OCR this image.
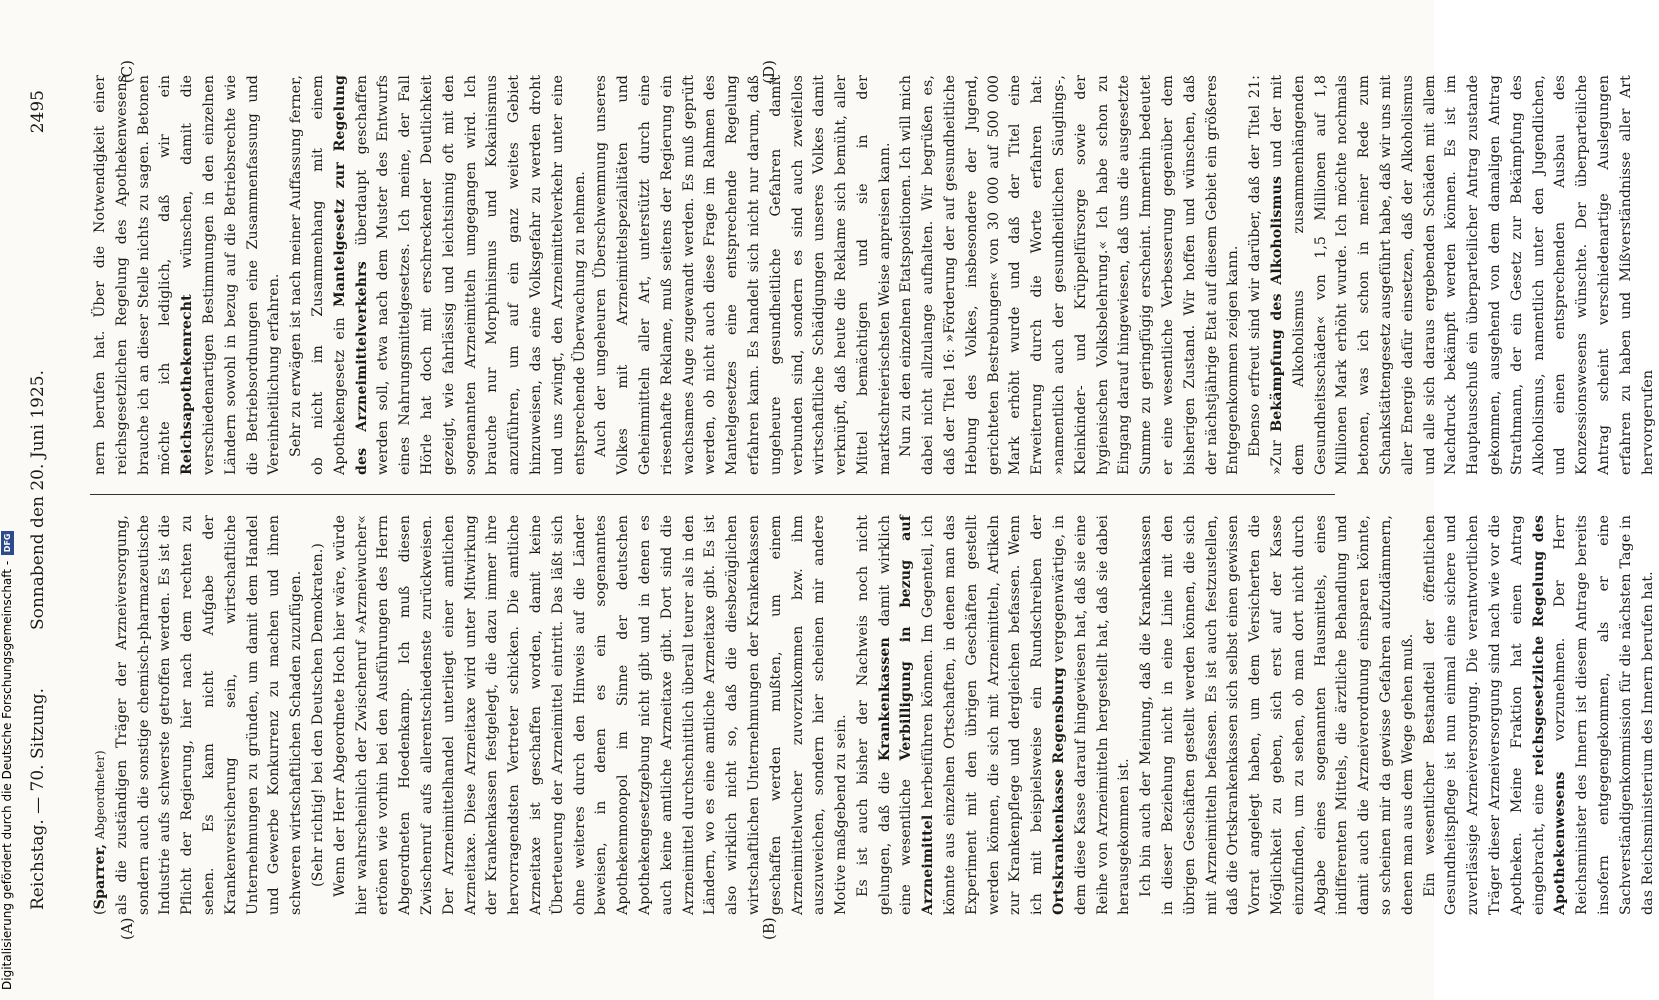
Reichstag. — 70. Sitzung.
Sonnabend den 20. Juni 1925.
2495
(A)	(B)
(C)	(D)

(Sparrer, Abgeordneter) als die zuständigen Träger der Arzneiversorgung, sondern auch die sonstige chemisch-pharmazeutische Industrie aufs schwerste getroffen werden. Es ist die Pflicht der Regierung, hier nach dem rechten zu sehen. Es kann nicht Aufgabe der Krankenversicherung sein, wirtschaftliche Unternehmungen zu gründen, um damit dem Handel und Gewerbe Konkurrenz zu machen und ihnen schweren wirtschaftlichen Schaden zuzufügen. (Sehr richtig! bei den Deutschen Demokraten.) Wenn der Herr Abgeordnete Hoch hier wäre, würde hier wahrscheinlich der Zwischenruf »Arzneiwucher« ertönen wie vorhin bei den Ausführungen des Herrn Abgeordneten Hoedenkamp. Ich muß diesen Zwischenruf aufs allerentschiedenste zurückweisen. Der Arzneimittelhandel unterliegt einer amtlichen Arzneitaxe. Diese Arzneitaxe wird unter Mitwirkung der Krankenkassen festgelegt, die dazu immer ihre hervorragendsten Vertreter schicken. Die amtliche Arzneitaxe ist geschaffen worden, damit keine Überteuerung der Arzneimittel eintritt. Das läßt sich ohne weiteres durch den Hinweis auf die Länder beweisen, in denen es ein sogenanntes Apothekenmonopol im Sinne der deutschen Apothekengesetzgebung nicht gibt und in denen es auch keine amtliche Arzneitaxe gibt. Dort sind die Arzneimittel durchschnittlich überall teurer als in den Ländern, wo es eine amtliche Arzneitaxe gibt. Es ist also wirklich nicht so, daß die diesbezüglichen wirtschaftlichen Unternehmungen der Krankenkassen geschaffen werden mußten, um einem Arzneimittelwucher zuvorzukommen bzw. ihm auszuweichen, sondern hier scheinen mir andere Motive maßgebend zu sein. Es ist auch bisher der Nachweis noch nicht gelungen, daß die Krankenkassen damit wirklich eine wesentliche Verbilligung in bezug auf Arzneimittel herbeiführen können. Im Gegenteil, ich könnte aus einzelnen Ortschaften, in denen man das Experiment mit den übrigen Geschäften gestellt werden können, die sich mit Arzneimitteln, Artikeln zur Krankenpflege und dergleichen befassen. Wenn ich mit beispielsweise ein Rundschreiben der Ortskrankenkasse Regensburg vergegenwärtige, in dem diese Kasse darauf hingewiesen hat, daß sie eine Reihe von Arzneimitteln hergestellt hat, daß sie dabei herausgekommen ist. Ich bin auch der Meinung, daß die Krankenkassen in dieser Beziehung nicht in eine Linie mit den übrigen Geschäften gestellt werden können, die sich mit Arzneimitteln befassen. Es ist auch festzustellen, daß die Ortskrankenkassen sich selbst einen gewissen Vorrat angelegt haben, um dem Versicherten die Möglichkeit zu geben, sich erst auf der Kasse einzufinden, um zu sehen, ob man dort nicht durch Abgabe eines sogenannten Hausmittels, eines indifferenten Mittels, die ärztliche Behandlung und damit auch die Arzneiverordnung einsparen könnte, so scheinen mir da gewisse Gefahren aufzudämmern, denen man aus dem Wege gehen muß. Ein wesentlicher Bestandteil der öffentlichen Gesundheitspflege ist nun einmal eine sichere und zuverlässige Arzneiversorgung. Die verantwortlichen Träger dieser Arzneiversorgung sind nach wie vor die Apotheken. Meine Fraktion hat einen Antrag eingebracht, eine reichsgesetzliche Regelung des Apothekenwesens vorzunehmen. Der Herr Reichsminister des Innern ist diesem Antrage bereits insofern entgegengekommen, als er eine Sachverständigenkommission für die nächsten Tage in das Reichsministerium des Innern berufen hat.

nern berufen hat. Über die Notwendigkeit einer reichsgesetzlichen Regelung des Apothekenwesens brauche ich an dieser Stelle nichts zu sagen. Betonen möchte ich lediglich, daß wir ein Reichsapothekenrecht wünschen, damit die verschiedenartigen Bestimmungen in den einzelnen Ländern sowohl in bezug auf die Betriebsrechte wie die Betriebsordnungen eine Zusammenfassung und Vereinheitlichung erfahren. Sehr zu erwägen ist nach meiner Auffassung ferner, ob nicht im Zusammenhang mit einem Apothekengesetz ein Mantelgesetz zur Regelung des Arzneimittelverkehrs überdaupt geschaffen werden soll, etwa nach dem Muster des Entwurfs eines Nahrungsmittelgesetzes. Ich meine, der Fall Hörle hat doch mit erschreckender Deutlichkeit gezeigt, wie fahrlässig und leichtsinnig oft mit den sogenannten Arzneimitteln umgegangen wird. Ich brauche nur Morphinismus und Kokainismus anzuführen, um auf ein ganz weites Gebiet hinzuweisen, das eine Volksgefahr zu werden droht und uns zwingt, den Arzneimittelverkehr unter eine entsprechende Überwachung zu nehmen. Auch der ungeheuren Überschwemmung unseres Volkes mit Arzneimittelspezialitäten und Geheimmitteln aller Art, unterstützt durch eine riesenhafte Reklame, muß seitens der Regierung ein wachsames Auge zugewandt werden. Es muß geprüft werden, ob nicht auch diese Frage im Rahmen des Mantelgesetzes eine entsprechende Regelung erfahren kann. Es handelt sich nicht nur darum, daß ungeheure gesundheitliche Gefahren damit verbunden sind, sondern es sind auch zweifellos wirtschaftliche Schädigungen unseres Volkes damit verknüpft, daß heute die Reklame sich bemüht, aller Mittel bemächtigen und sie in der marktschreierischsten Weise anpreisen kann. Nun zu den einzelnen Etatspositionen. Ich will mich dabei nicht allzulange aufhalten. Wir begrüßen es, daß der Titel 16: »Förderung der auf gesundheitliche Hebung des Volkes, insbesondere der Jugend, gerichteten Bestrebungen« von 30 000 auf 500 000 Mark erhöht wurde und daß der Titel eine Erweiterung durch die Worte erfahren hat: »namentlich auch der gesundheitlichen Säuglings-, Kleinkinder- und Krüppelfürsorge sowie der hygienischen Volksbelehrung.« Ich habe schon zu Eingang darauf hingewiesen, daß uns die ausgesetzte Summe zu geringfügig erscheint. Immerhin bedeutet er eine wesentliche Verbesserung gegenüber dem bisherigen Zustand. Wir hoffen und wünschen, daß der nächstjährige Etat auf diesem Gebiet ein größeres Entgegenkommen zeigen kann. Ebenso erfreut sind wir darüber, daß der Titel 21: »Zur Bekämpfung des Alkoholismus und der mit dem Alkoholismus zusammenhängenden Gesundheitsschäden« von 1,5 Millionen auf 1,8 Millionen Mark erhöht wurde. Ich möchte nochmals betonen, was ich schon in meiner Rede zum Schankstättengesetz ausgeführt habe, daß wir uns mit aller Energie dafür einsetzen, daß der Alkoholismus und alle sich daraus ergebenden Schäden mit allem Nachdruck bekämpft werden können. Es ist im Hauptausschuß ein überparteilicher Antrag zustande gekommen, ausgehend von dem damaligen Antrag Strathmann, der ein Gesetz zur Bekämpfung des Alkoholismus, namentlich unter den Jugendlichen, und einen entsprechenden Ausbau des Konzessionswesens wünschte. Der überparteiliche Antrag scheint verschiedenartige Auslegungen erfahren zu haben und Mißverständnisse aller Art hervorgerufen

Digitalisierung gefördert durch die Deutsche Forschungsgemeinschaft -
DFG
